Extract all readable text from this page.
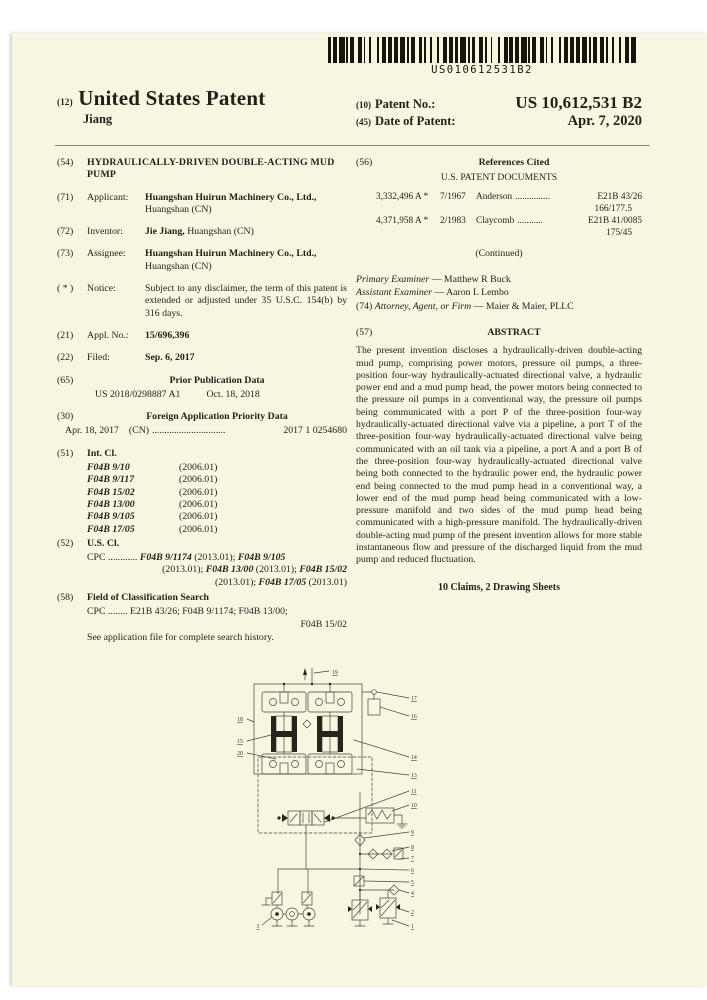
US010612531B2
(12) United States Patent
Jiang
(10) Patent No.:	US 10,612,531 B2
(45) Date of Patent:	Apr. 7, 2020
(54)	HYDRAULICALLY-DRIVEN DOUBLE-ACTING MUD PUMP
(71)	Applicant:	Huangshan Huirun Machinery Co., Ltd., Huangshan (CN)
(72)	Inventor:	Jie Jiang, Huangshan (CN)
(73)	Assignee:	Huangshan Huirun Machinery Co., Ltd., Huangshan (CN)
( * )	Notice:	Subject to any disclaimer, the term of this patent is extended or adjusted under 35 U.S.C. 154(b) by 316 days.
(21)	Appl. No.:	15/696,396
(22)	Filed:	Sep. 6, 2017
(65)	Prior Publication Data
US 2018/0298887 A1	Oct. 18, 2018
(30)	Foreign Application Priority Data
Apr. 18, 2017 (CN) ..............................	2017 1 0254680
(51)	Int. Cl.
F04B 9/10	(2006.01)
F04B 9/117	(2006.01)
F04B 15/02	(2006.01)
F04B 13/00	(2006.01)
F04B 9/105	(2006.01)
F04B 17/05	(2006.01)
(52)	U.S. Cl.
CPC ............ F04B 9/1174 (2013.01); F04B 9/105
(2013.01); F04B 13/00 (2013.01); F04B 15/02
(2013.01); F04B 17/05 (2013.01)
(58)	Field of Classification Search
CPC ........ E21B 43/26; F04B 9/1174; F04B 13/00;
F04B 15/02
See application file for complete search history.
(56)	References Cited
U.S. PATENT DOCUMENTS
3,332,496 A *	7/1967	Anderson ...............	E21B 43/26
166/177.5
4,371,958 A *	2/1983	Claycomb ...........	E21B 41/0085
175/45
(Continued)
Primary Examiner — Matthew R Buck
Assistant Examiner — Aaron L Lembo
(74) Attorney, Agent, or Firm — Maier & Maier, PLLC
(57)	ABSTRACT

The present invention discloses a hydraulically-driven double-acting mud pump, comprising power motors, pressure oil pumps, a three-position four-way hydraulically-actuated directional valve, a hydraulic power end and a mud pump head, the power motors being connected to the pressure oil pumps in a conventional way, the pressure oil pumps being communicated with a port P of the three-position four-way hydraulically-actuated directional valve via a pipeline, a port T of the three-position four-way hydraulically-actuated directional valve being communicated with an oil tank via a pipeline, a port A and a port B of the three-position four-way hydraulically-actuated directional valve being both connected to the hydraulic power end, the hydraulic power end being connected to the mud pump head in a conventional way, a lower end of the mud pump head being communicated with a low-pressure manifold and two sides of the mud pump head being communicated with a high-pressure manifold. The hydraulically-driven double-acting mud pump of the present invention allows for more stable instantaneous flow and pressure of the discharged liquid from the mud pump and reduced fluctuation.

10 Claims, 2 Drawing Sheets
19
18
15
20
17
16
14
13
11
10
9
8
7
6
5
4
3
2
1
